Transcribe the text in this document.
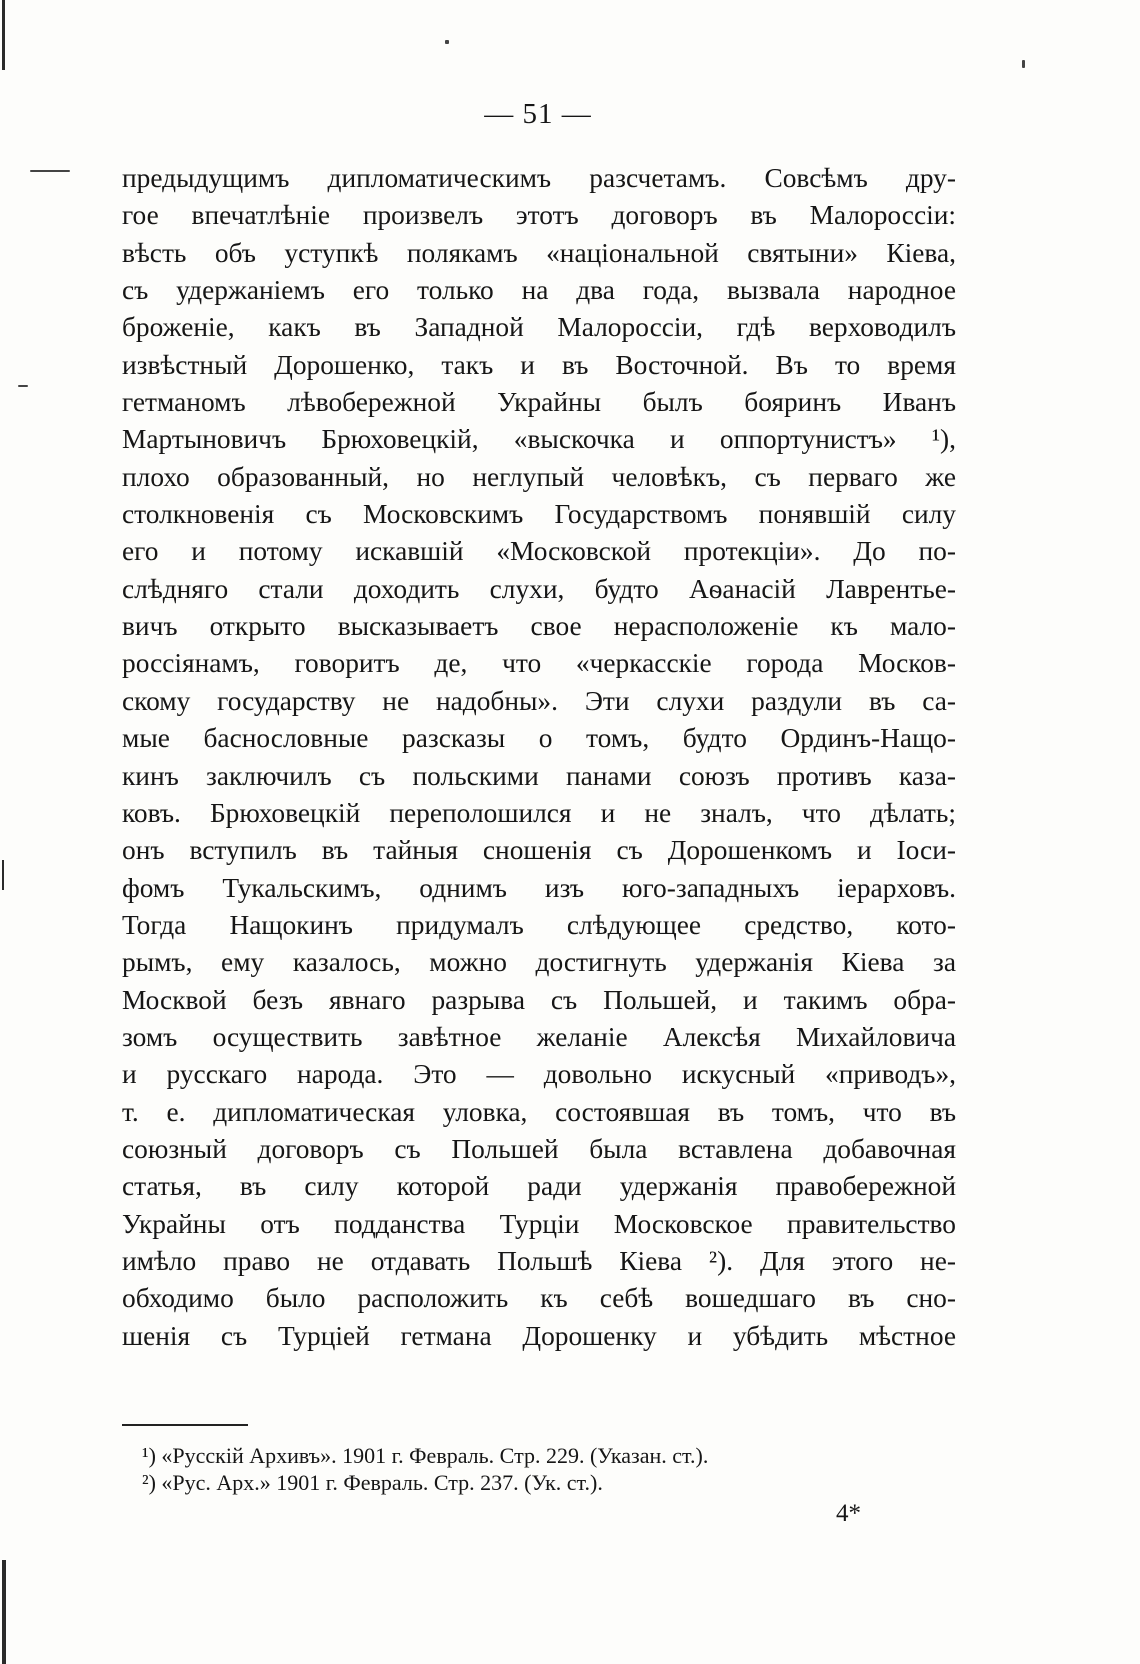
— 51 —
предыдущимъ дипломатическимъ разсчетамъ. Совсѣмъ дру-
гое впечатлѣніе произвелъ этотъ договоръ въ Малороссіи:
вѣсть объ уступкѣ полякамъ «національной святыни» Кіева,
съ удержаніемъ его только на два года, вызвала народное
броженіе, какъ въ Западной Малороссіи, гдѣ верховодилъ
извѣстный Дорошенко, такъ и въ Восточной. Въ то время
гетманомъ лѣвобережной Украйны былъ бояринъ Иванъ
Мартыновичъ Брюховецкій, «выскочка и оппортунистъ» ¹),
плохо образованный, но неглупый человѣкъ, съ перваго же
столкновенія съ Московскимъ Государствомъ понявшій силу
его и потому искавшій «Московской протекціи». До по-
слѣдняго стали доходить слухи, будто Аѳанасій Лаврентье-
вичъ открыто высказываетъ свое нерасположеніе къ мало-
россіянамъ, говоритъ де, что «черкасскіе города Москов-
скому государству не надобны». Эти слухи раздули въ са-
мые баснословные разсказы о томъ, будто Ординъ-Нащо-
кинъ заключилъ съ польскими панами союзъ противъ каза-
ковъ. Брюховецкій переполошился и не зналъ, что дѣлать;
онъ вступилъ въ тайныя сношенія съ Дорошенкомъ и Іоси-
фомъ Тукальскимъ, однимъ изъ юго-западныхъ іерарховъ.
Тогда Нащокинъ придумалъ слѣдующее средство, кото-
рымъ, ему казалось, можно достигнуть удержанія Кіева за
Москвой безъ явнаго разрыва съ Польшей, и такимъ обра-
зомъ осуществить завѣтное желаніе Алексѣя Михайловича
и русскаго народа. Это — довольно искусный «приводъ»,
т. е. дипломатическая уловка, состоявшая въ томъ, что въ
союзный договоръ съ Польшей была вставлена добавочная
статья, въ силу которой ради удержанія правобережной
Украйны отъ подданства Турціи Московское правительство
имѣло право не отдавать Польшѣ Кіева ²). Для этого не-
обходимо было расположить къ себѣ вошедшаго въ сно-
шенія съ Турціей гетмана Дорошенку и убѣдить мѣстное
¹) «Русскій Архивъ». 1901 г. Февраль. Стр. 229. (Указан. ст.).
²) «Рус. Арх.» 1901 г. Февраль. Стр. 237. (Ук. ст.).
4*
